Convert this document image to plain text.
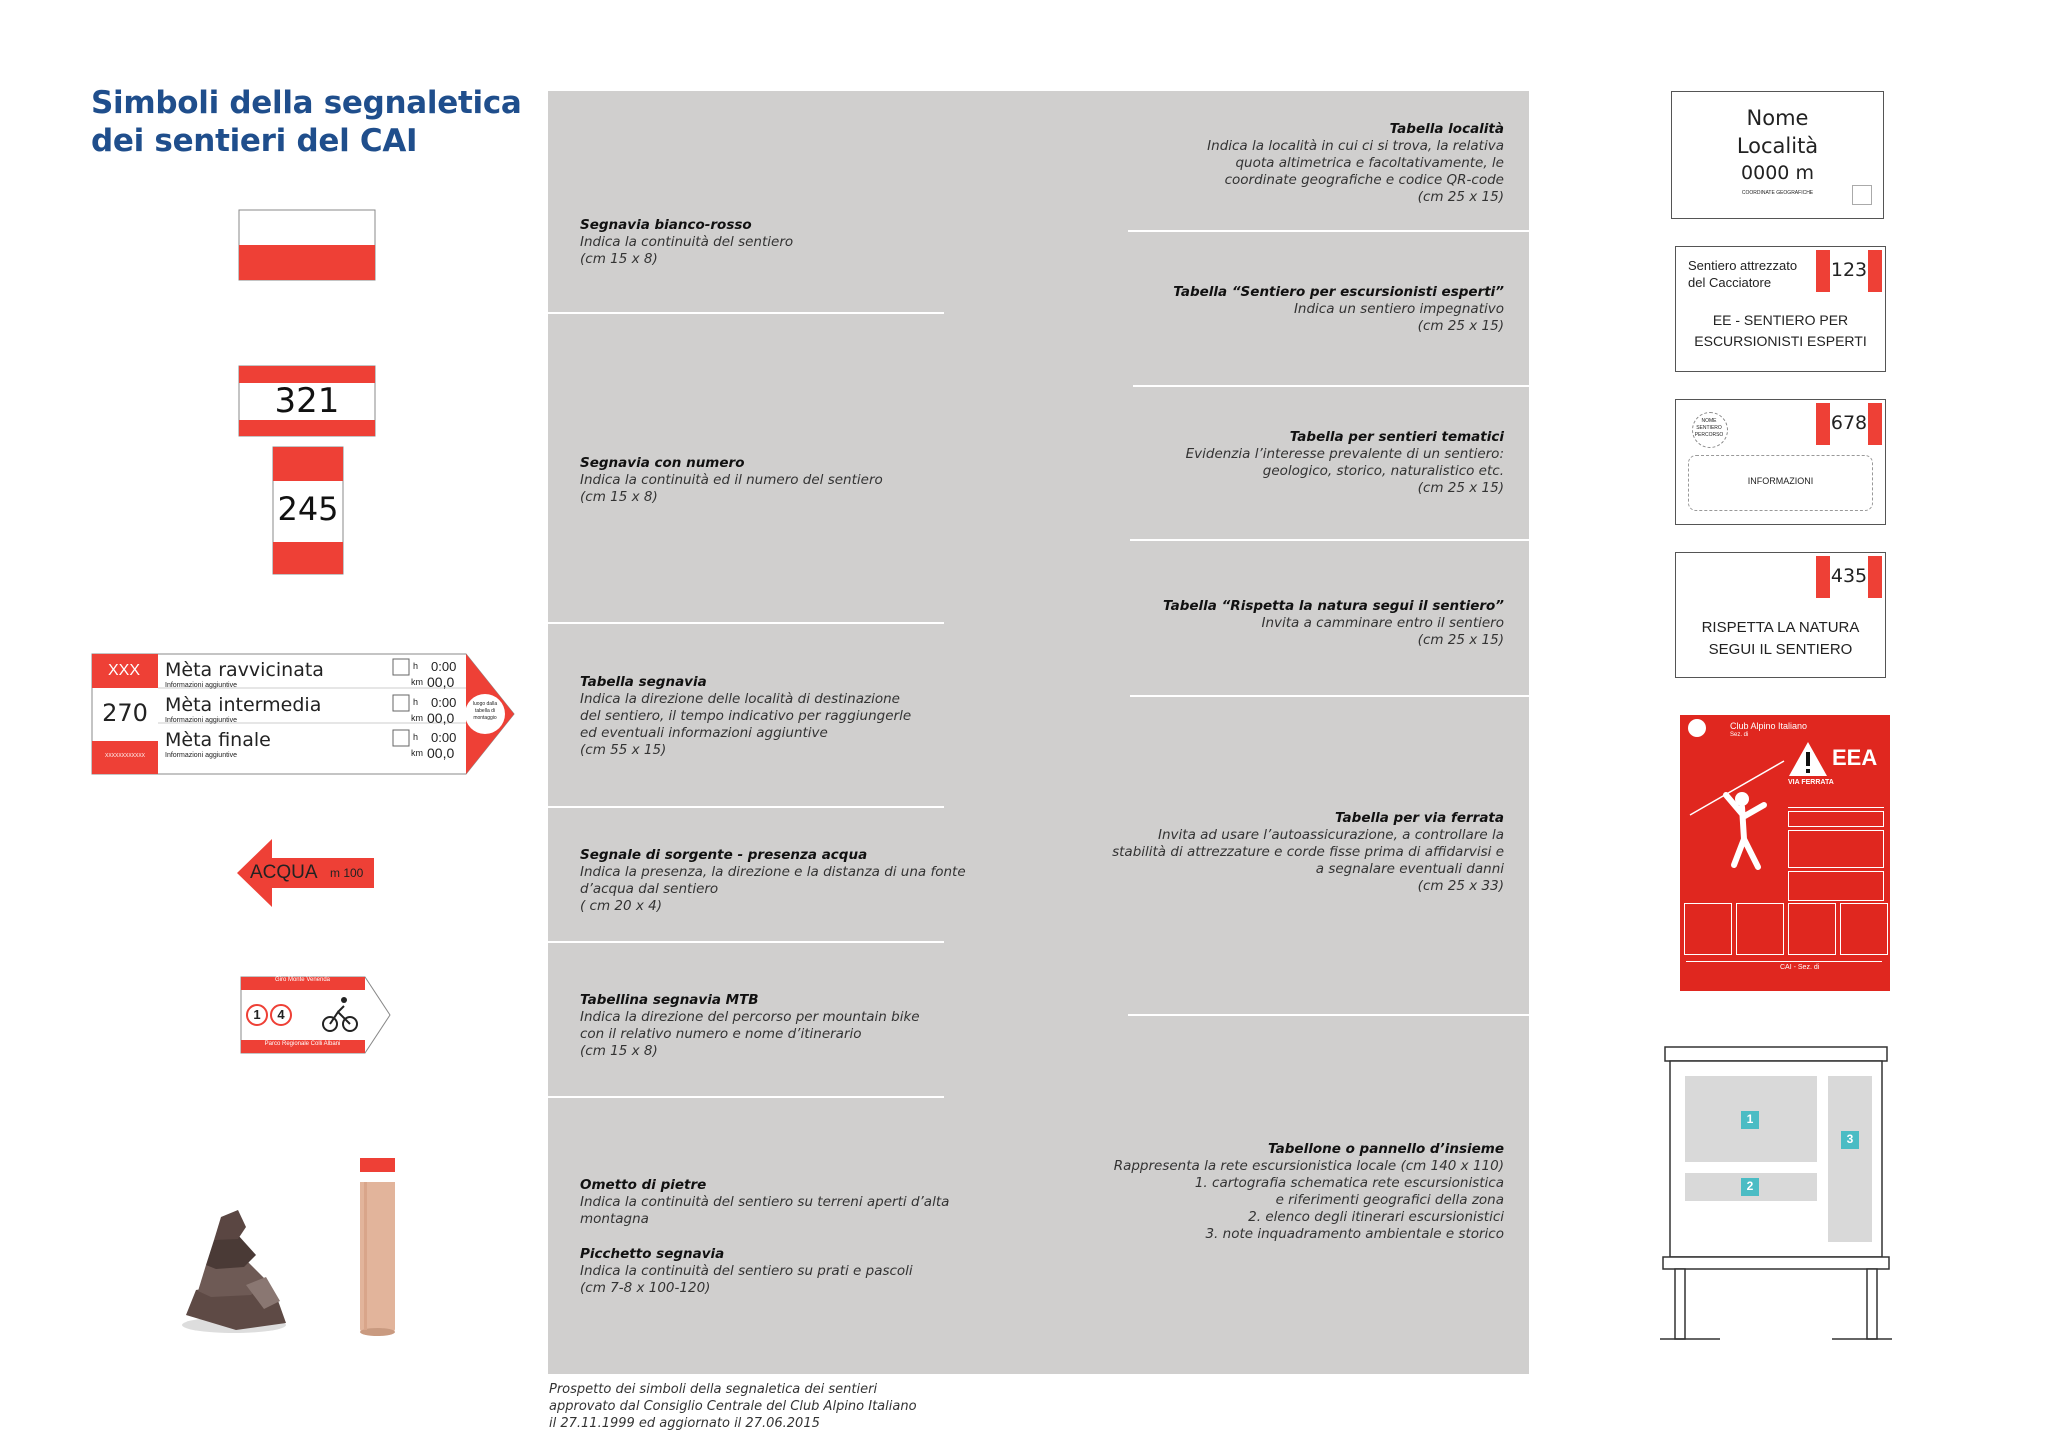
Simboli della segnaletica
dei sentieri del CAI
Segnavia bianco-rosso
Indica la continuità del sentiero
(cm 15 x 8)
Segnavia con numero
Indica la continuità ed il numero del sentiero
(cm 15 x 8)
Tabella segnavia
Indica la direzione delle località di destinazione
del sentiero, il tempo indicativo per raggiungerle
ed eventuali informazioni aggiuntive
(cm 55 x 15)
Segnale di sorgente - presenza acqua
Indica la presenza, la direzione e la distanza di una fonte
d’acqua dal sentiero
( cm 20 x 4)
Tabellina segnavia MTB
Indica la direzione del percorso per mountain bike
con il relativo numero e nome d’itinerario
(cm 15 x 8)
Ometto di pietre
Indica la continuità del sentiero su terreni aperti d’alta
montagna
Picchetto segnavia
Indica la continuità del sentiero su prati e pascoli
(cm 7-8 x 100-120)
Tabella località
Indica la località in cui ci si trova, la relativa
quota altimetrica e facoltativamente, le
coordinate geografiche e codice QR-code
(cm 25 x 15)
Tabella “Sentiero per escursionisti esperti”
Indica un sentiero impegnativo
(cm 25 x 15)
Tabella per sentieri tematici
Evidenzia l’interesse prevalente di un sentiero:
geologico, storico, naturalistico etc.
(cm 25 x 15)
Tabella “Rispetta la natura segui il sentiero”
Invita a camminare entro il sentiero
(cm 25 x 15)
Tabella per via ferrata
Invita ad usare l’autoassicurazione, a controllare la
stabilità di attrezzature e corde fisse prima di affidarvisi e
a segnalare eventuali danni
(cm 25 x 33)
Tabellone o pannello d’insieme
Rappresenta la rete escursionistica locale (cm 140 x 110)
1. cartografia schematica rete escursionistica
e riferimenti geografici della zona
2. elenco degli itinerari escursionistici
3. note inquadramento ambientale e storico
Prospetto dei simboli della segnaletica dei sentieri
approvato dal Consiglio Centrale del Club Alpino Italiano
il 27.11.1999 ed aggiornato il 27.06.2015
321
245
XXX
270
XXXXXXXXXXXX
Mèta ravvicinata
Informazioni aggiuntive
Mèta intermedia
Informazioni aggiuntive
Mèta finale
Informazioni aggiuntive
h 0:00
km 00,0
h 0:00
km 00,0
h 0:00
km 00,0
luogo dalla tabella di montaggio
ACQUA m 100
Giro Monte Venenda
1 4
Parco Regionale Colli Albani
Nome
Località
0000 m
COORDINATE GEOGRAFICHE
Sentiero attrezzato
del Cacciatore
123
EE - SENTIERO PER
ESCURSIONISTI ESPERTI
NOME
SENTIERO
PERCORSO
678
INFORMAZIONI
435
RISPETTA LA NATURA
SEGUI IL SENTIERO
Club Alpino Italiano
Sez. di
EEA
VIA FERRATA
CAI - Sez. di
1
2
3
